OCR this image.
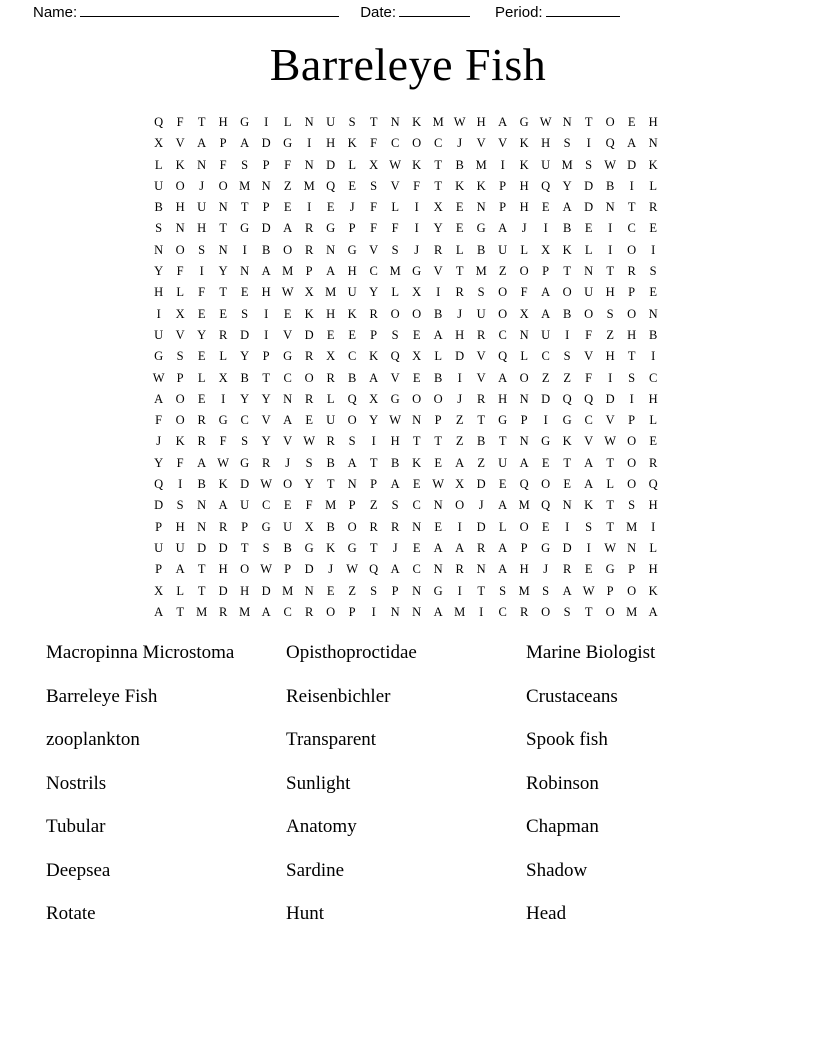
Name:	Date:	Period:
Barreleye Fish
Q	F	T	H G	I	L	N U	S	T	N K M W H A G W N	T	O	E	H
X V A	P	A D G	I	H K	F	C	O	C	J	V V K H	S	I	Q A N
L	K N	F	S	P	F	N D	L	X W K	T	B M	I	K U M S W D K
U O	J	O M N	Z M Q	E	S	V	F	T	K K	P	H Q Y D	B	I	L
B	H U N	T	P	E	I	E	J	F	L	I	X	E	N	P	H	E	A D N	T	R
S	N H	T	G D A	R	G	P	F	F	I	Y	E	G A	J	I	B	E	I	C	E
N O	S	N	I	B	O	R	N G V	S	J	R	L	B	U	L	X K	L	I	O	I
Y	F	I	Y N A M P	A H	C M G V	T M Z	O	P	T	N	T	R	S
H	L	F	T	E	H W X M U Y	L	X	I	R	S	O	F	A O U H	P	E
I	X	E	E	S	I	E	K H K	R	O O	B	J	U O X A	B	O	S	O N
U V Y	R	D	I	V D	E	E	P	S	E	A H	R	C	N U	I	F	Z	H	B
G	S	E	L	Y	P	G	R	X	C	K Q X	L	D V Q	L	C	S	V H	T	I
W P	L	X	B	T	C	O	R	B	A V	E	B	I	V A O	Z	Z	F	I	S	C
A O	E	I	Y Y N	R	L	Q X G O O	J	R	H N D Q Q D	I	H
F	O	R	G	C	V A	E	U O Y W N	P	Z	T	G	P	I	G	C	V	P	L
J	K	R	F	S	Y V W R	S	I	H	T	T	Z	B	T	N G K V W O	E
Y	F	A W G	R	J	S	B	A	T	B	K	E	A	Z	U A	E	T	A	T	O	R
Q	I	B	K D W O Y	T	N	P	A	E W X D	E	Q O	E	A	L	O Q
D	S	N A U	C	E	F M P	Z	S	C	N O	J	A M Q N K	T	S	H
P	H N	R	P	G U X	B	O	R	R	N	E	I	D	L	O	E	I	S	T M	I
U U D D	T	S	B	G K G	T	J	E	A A	R	A	P	G D	I	W N	L
P	A	T	H O W P	D	J	W Q A	C	N	R	N A H	J	R	E	G	P	H
X	L	T	D H D M N	E	Z	S	P	N G	I	T	S M S	A W P	O K
A	T M R M A	C	R	O	P	I	N N A M	I	C	R	O	S	T	O M A
Macropinna Microstoma	Opisthoproctidae	Marine Biologist
Barreleye Fish	Reisenbichler	Crustaceans
zooplankton	Transparent	Spook fish
Nostrils	Sunlight	Robinson
Tubular	Anatomy	Chapman
Deepsea	Sardine	Shadow
Rotate	Hunt	Head
